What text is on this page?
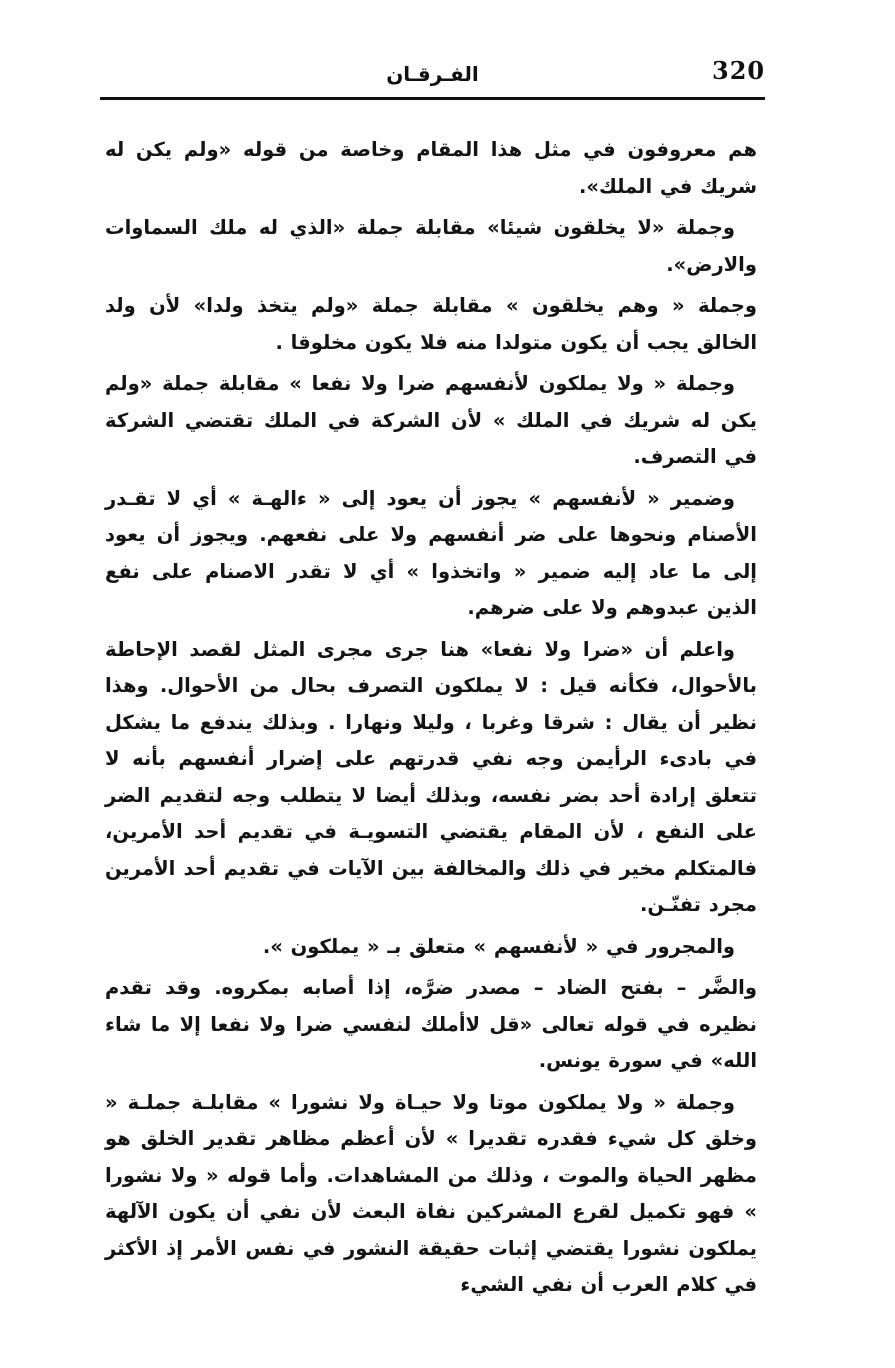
320
الفـرقـان

هم معروفون في مثل هذا المقام وخاصة من قوله «ولم يكن له شريك في الملك».

وجملة «لا يخلقون شيئا» مقابلة جملة «الذي له ملك السماوات والارض».

وجملة « وهم يخلقون » مقابلة جملة «ولم يتخذ ولدا» لأن ولد الخالق يجب أن يكون متولدا منه فلا يكون مخلوقا .

وجملة « ولا يملكون لأنفسهم ضرا ولا نفعا » مقابلة جملة «ولم يكن له شريك في الملك » لأن الشركة في الملك تقتضي الشركة في التصرف.

وضمير « لأنفسهم » يجوز أن يعود إلى « ءالهـة » أي لا تقـدر الأصنام ونحوها على ضر أنفسهم ولا على نفعهم. ويجوز أن يعود إلى ما عاد إليه ضمير « واتخذوا » أي لا تقدر الاصنام على نفع الذين عبدوهم ولا على ضرهم.

واعلم أن «ضرا ولا نفعا» هنا جرى مجرى المثل لقصد الإحاطة بالأحوال، فكأنه قيل : لا يملكون التصرف بحال من الأحوال. وهذا نظير أن يقال : شرقا وغربا ، وليلا ونهارا . وبذلك يندفع ما يشكل في بادىء الرأيمن وجه نفي قدرتهم على إضرار أنفسهم بأنه لا تتعلق إرادة أحد بضر نفسه، وبذلك أيضا لا يتطلب وجه لتقديم الضر على النفع ، لأن المقام يقتضي التسويـة في تقديم أحد الأمرين، فالمتكلم مخير في ذلك والمخالفة بين الآيات في تقديم أحد الأمرين مجرد تفنّـن.

والمجرور في « لأنفسهم » متعلق بـ « يملكون ».

والضَّر – بفتح الضاد – مصدر ضرَّه، إذا أصابه بمكروه. وقد تقدم نظيره في قوله تعالى «قل لاأملك لنفسي ضرا ولا نفعا إلا ما شاء الله» في سورة يونس.

وجملة « ولا يملكون موتا ولا حيـاة ولا نشورا » مقابلـة جملـة « وخلق كل شيء فقدره تقديرا » لأن أعظم مظاهر تقدير الخلق هو مظهر الحياة والموت ، وذلك من المشاهدات. وأما قوله « ولا نشورا » فهو تكميل لقرع المشركين نفاة البعث لأن نفي أن يكون الآلهة يملكون نشورا يقتضي إثبات حقيقة النشور في نفس الأمر إذ الأكثر في كلام العرب أن نفي الشيء
